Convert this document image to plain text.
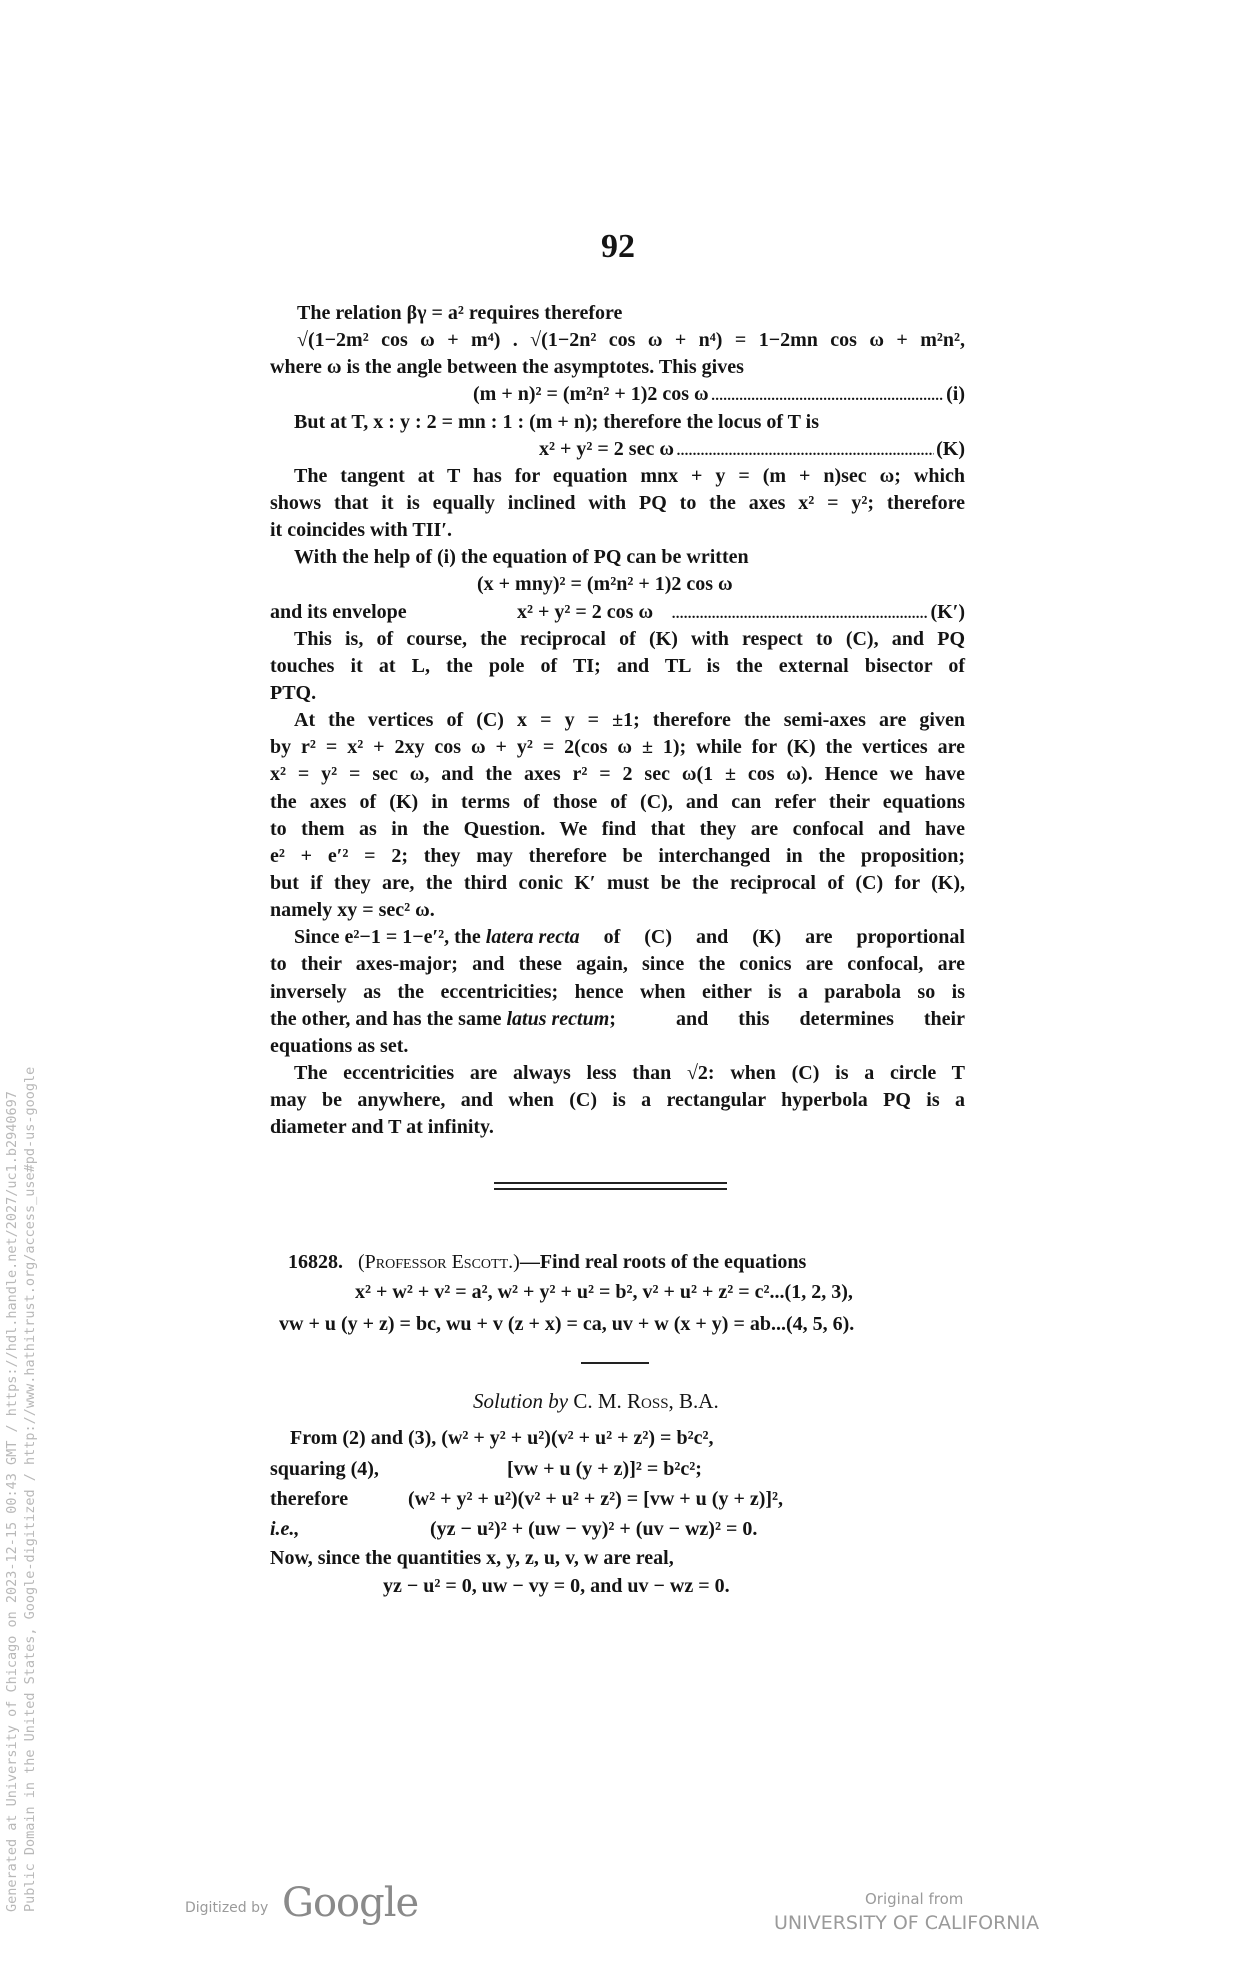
92
The relation βγ = a² requires therefore
√(1−2m² cos ω + m⁴) . √(1−2n² cos ω + n⁴) = 1−2mn cos ω + m²n²,
where ω is the angle between the asymptotes. This gives
(m + n)² = (m²n² + 1)2 cos ω . . .	(i)
But at T, x : y : 2 = mn : 1 : (m + n); therefore the locus of T is
x² + y² = 2 sec ω . . .	(K)
The tangent at T has for equation mnx + y = (m + n)sec ω; which
shows that it is equally inclined with PQ to the axes x² = y²; therefore
it coincides with TII′.
With the help of (i) the equation of PQ can be written
(x + mny)² = (m²n² + 1)2 cos ω
and its envelope	x² + y² = 2 cos ω . . .	(K′)
This is, of course, the reciprocal of (K) with respect to (C), and PQ
touches it at L, the pole of TI; and TL is the external bisector of
PTQ.
At the vertices of (C) x = y = ±1; therefore the semi-axes are given
by r² = x² + 2xy cos ω + y² = 2(cos ω ± 1); while for (K) the vertices are
x² = y² = sec ω, and the axes r² = 2 sec ω(1 ± cos ω). Hence we have
the axes of (K) in terms of those of (C), and can refer their equations
to them as in the Question. We find that they are confocal and have
e² + e′² = 2; they may therefore be interchanged in the proposition;
but if they are, the third conic K′ must be the reciprocal of (C) for (K),
namely xy = sec² ω.
Since e²−1 = 1−e′², the latera recta of (C) and (K) are proportional
to their axes-major; and these again, since the conics are confocal, are
inversely as the eccentricities; hence when either is a parabola so is
the other, and has the same latus rectum ;  and this determines their
equations as set.
The eccentricities are always less than √2: when (C) is a circle T
may be anywhere, and when (C) is a rectangular hyperbola PQ is a
diameter and T at infinity.
16828. (Professor Escott.)—Find real roots of the equations
x² + w² + v² = a², w² + y² + u² = b², v² + u² + z² = c²...(1, 2, 3),
vw + u (y + z) = bc, wu + v (z + x) = ca, uv + w (x + y) = ab...(4, 5, 6).
Solution by C. M. Ross, B.A.
From (2) and (3), (w² + y² + u²)(v² + u² + z²) = b²c²,
squaring (4),	[vw + u (y + z)]² = b²c²;
therefore	(w² + y² + u²)(v² + u² + z²) = [vw + u (y + z)]²,
i.e.,	(yz − u²)² + (uw − vy)² + (uv − wz)² = 0.
Now, since the quantities x, y, z, u, v, w are real,
yz − u² = 0, uw − vy = 0, and uv − wz = 0.
Generated at University of Chicago on 2023-12-15 00:43 GMT / https://hdl.handle.net/2027/uc1.b2940697 Public Domain in the United States, Google-digitized / http://www.hathitrust.org/access_use#pd-us-google	Digitized by Google	Original from
UNIVERSITY OF CALIFORNIA
